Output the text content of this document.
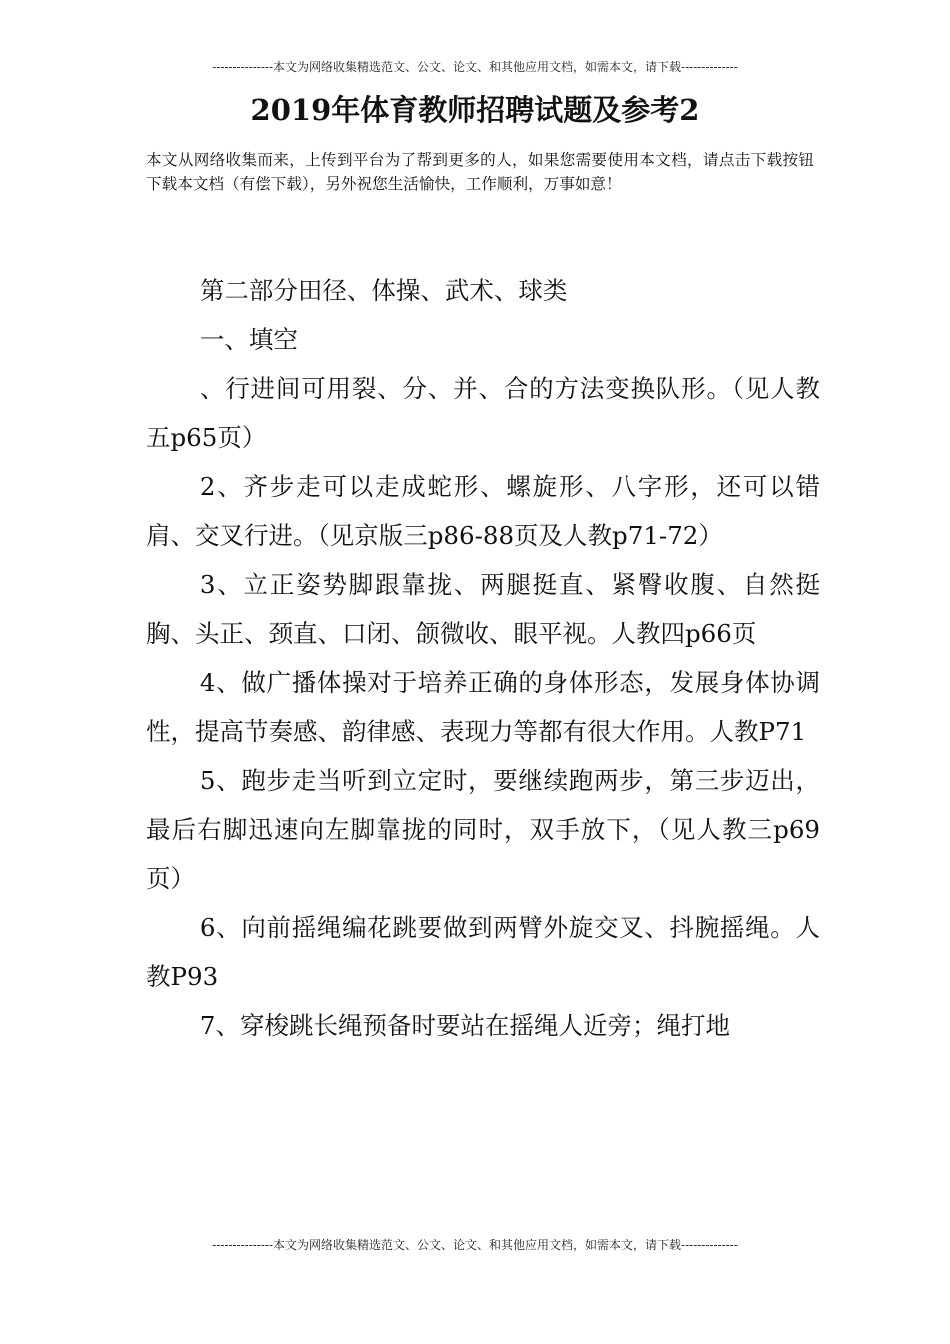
---------------本文为网络收集精选范文、公文、论文、和其他应用文档，如需本文，请下载--------------
2019年体育教师招聘试题及参考2

本文从网络收集而来，上传到平台为了帮到更多的人，如果您需要使用本文档，请点击下载按钮下载本文档（有偿下载），另外祝您生活愉快，工作顺利，万事如意！

第二部分田径、体操、武术、球类

一、填空

、行进间可用裂、分、并、合的方法变换队形。（见人教五p65页）

2、齐步走可以走成蛇形、螺旋形、八字形，还可以错肩、交叉行进。（见京版三p86-88页及人教p71-72）

3、立正姿势脚跟靠拢、两腿挺直、紧臀收腹、自然挺胸、头正、颈直、口闭、颌微收、眼平视。人教四p66页

4、做广播体操对于培养正确的身体形态，发展身体协调性，提高节奏感、韵律感、表现力等都有很大作用。人教P71

5、跑步走当听到立定时，要继续跑两步，第三步迈出，最后右脚迅速向左脚靠拢的同时，双手放下，（见人教三p69页）

6、向前摇绳编花跳要做到两臂外旋交叉、抖腕摇绳。人教P93

7、穿梭跳长绳预备时要站在摇绳人近旁；绳打地

---------------本文为网络收集精选范文、公文、论文、和其他应用文档，如需本文，请下载--------------
